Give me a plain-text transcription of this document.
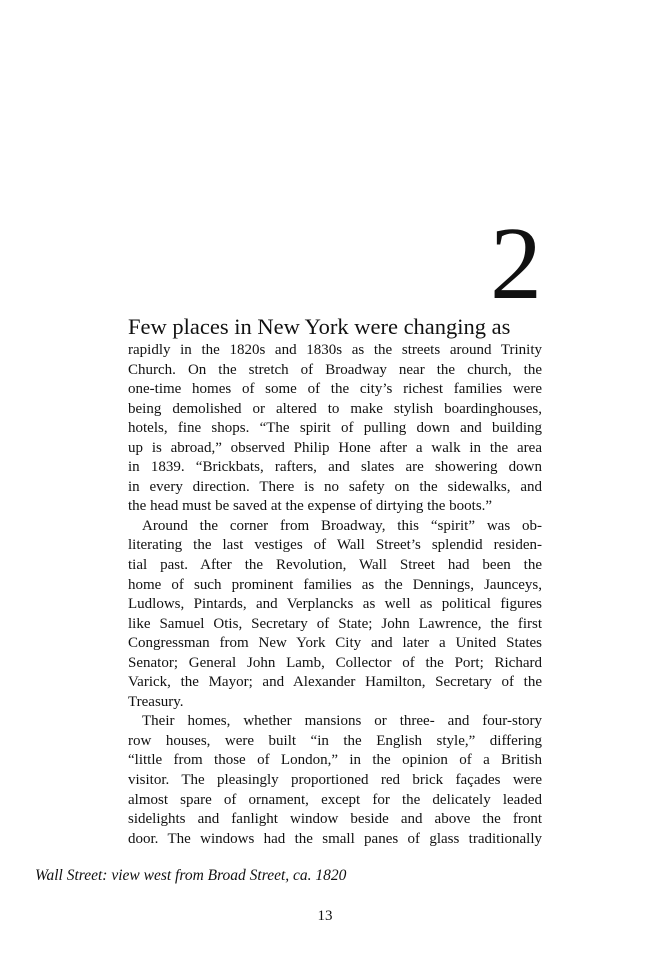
2

Few places in New York were changing as

rapidly in the 1820s and 1830s as the streets around Trinity
Church. On the stretch of Broadway near the church, the
one-time homes of some of the city’s richest families were
being demolished or altered to make stylish boardinghouses,
hotels, fine shops. “The spirit of pulling down and building
up is abroad,” observed Philip Hone after a walk in the area
in 1839. “Brickbats, rafters, and slates are showering down
in every direction. There is no safety on the sidewalks, and
the head must be saved at the expense of dirtying the boots.”
Around the corner from Broadway, this “spirit” was ob-
literating the last vestiges of Wall Street’s splendid residen-
tial past. After the Revolution, Wall Street had been the
home of such prominent families as the Dennings, Jaunceys,
Ludlows, Pintards, and Verplancks as well as political figures
like Samuel Otis, Secretary of State; John Lawrence, the first
Congressman from New York City and later a United States
Senator; General John Lamb, Collector of the Port; Richard
Varick, the Mayor; and Alexander Hamilton, Secretary of the
Treasury.
Their homes, whether mansions or three- and four-story
row houses, were built “in the English style,” differing
“little from those of London,” in the opinion of a British
visitor. The pleasingly proportioned red brick façades were
almost spare of ornament, except for the delicately leaded
sidelights and fanlight window beside and above the front
door. The windows had the small panes of glass traditionally
Wall Street: view west from Broad Street, ca. 1820
13
